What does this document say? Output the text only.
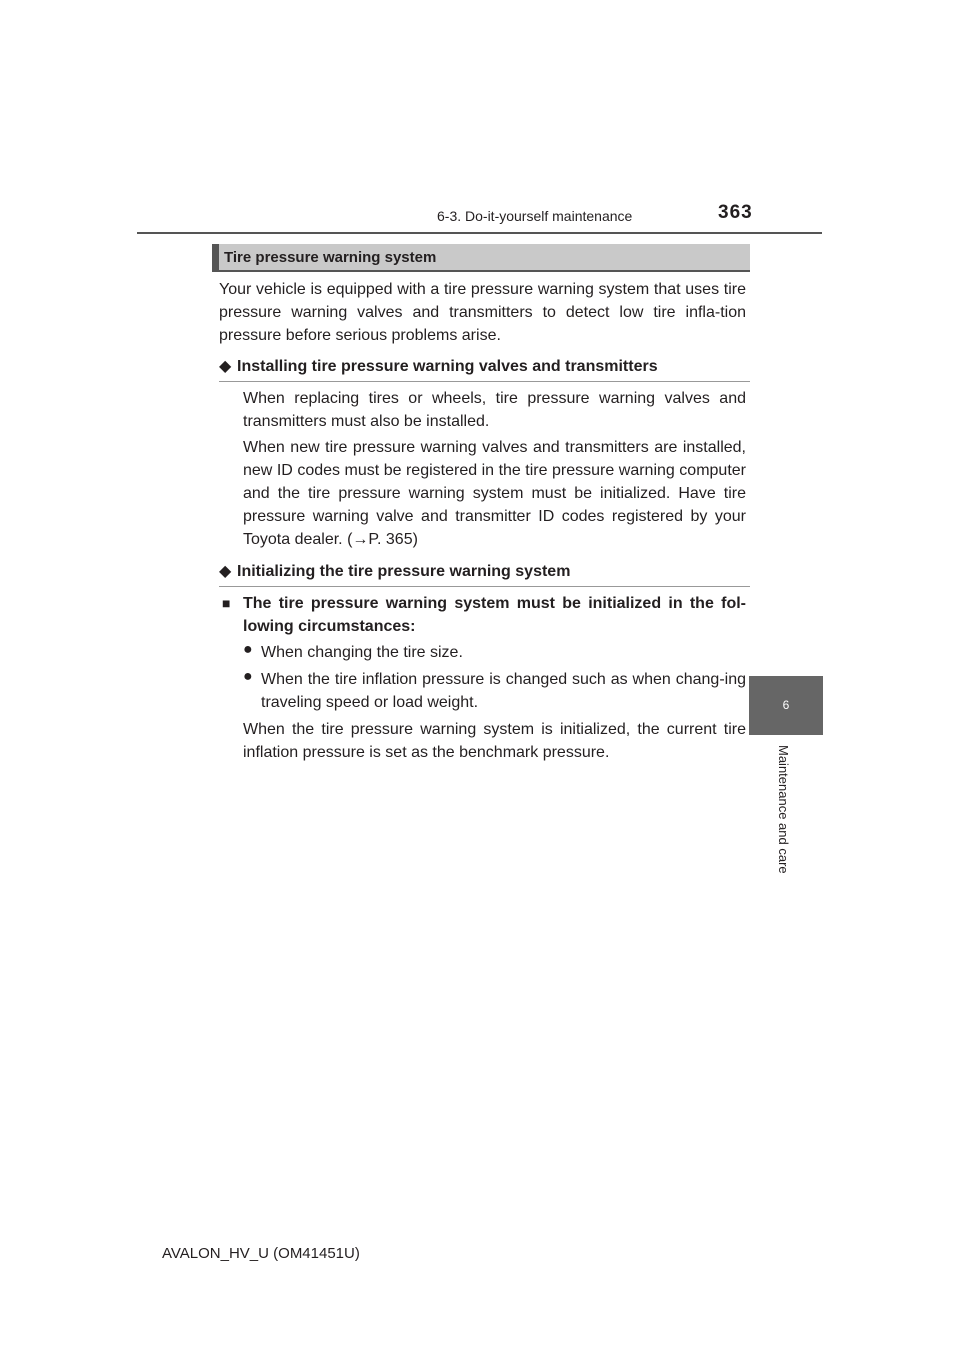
6-3. Do-it-yourself maintenance	363
6
Maintenance and care
Tire pressure warning system
Your vehicle is equipped with a tire pressure warning system that uses tire pressure warning valves and transmitters to detect low tire infla-tion pressure before serious problems arise.
◆ Installing tire pressure warning valves and transmitters
When replacing tires or wheels, tire pressure warning valves and transmitters must also be installed.
When new tire pressure warning valves and transmitters are installed, new ID codes must be registered in the tire pressure warning computer and the tire pressure warning system must be initialized. Have tire pressure warning valve and transmitter ID codes registered by your Toyota dealer. (→P. 365)
◆ Initializing the tire pressure warning system
■ The tire pressure warning system must be initialized in the fol-lowing circumstances:
● When changing the tire size.
● When the tire inflation pressure is changed such as when chang-ing traveling speed or load weight.
When the tire pressure warning system is initialized, the current tire inflation pressure is set as the benchmark pressure.
AVALON_HV_U (OM41451U)
